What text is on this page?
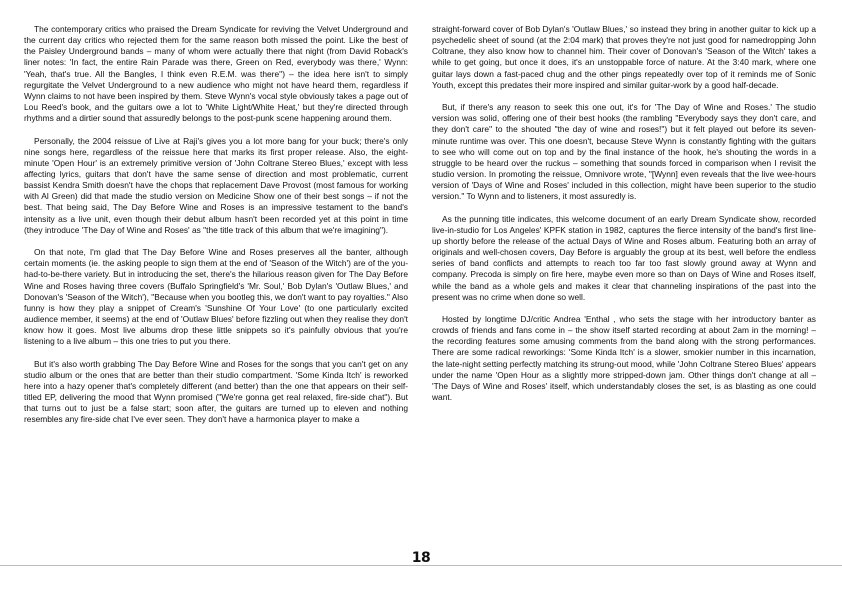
The contemporary critics who praised the Dream Syndicate for reviving the Velvet Underground and the current day critics who rejected them for the same reason both missed the point. Like the best of the Paisley Underground bands – many of whom were actually there that night (from David Roback's liner notes: 'In fact, the entire Rain Parade was there, Green on Red, everybody was there,' Wynn: 'Yeah, that's true. All the Bangles, I think even R.E.M. was there'') – the idea here isn't to simply regurgitate the Velvet Underground to a new audience who might not have heard them, regardless if Wynn claims to not have been inspired by them. Steve Wynn's vocal style obviously takes a page out of Lou Reed's book, and the guitars owe a lot to 'White Light/White Heat,' but they're directed through rhythms and a dirtier sound that assuredly belongs to the post-punk scene happening around them.

Personally, the 2004 reissue of Live at Raji's gives you a lot more bang for your buck; there's only nine songs here, regardless of the reissue here that marks its first proper release. Also, the eight-minute 'Open Hour' is an extremely primitive version of 'John Coltrane Stereo Blues,' except with less affecting lyrics, guitars that don't have the same sense of direction and most problematic, current bassist Kendra Smith doesn't have the chops that replacement Dave Provost (most famous for working with Al Green) did that made the studio version on Medicine Show one of their best songs – if not the best. That being said, The Day Before Wine and Roses is an impressive testament to the band's intensity as a live unit, even though their debut album hasn't been recorded yet at this point in time (they introduce 'The Day of Wine and Roses' as "the title track of this album that we're imagining").

On that note, I'm glad that The Day Before Wine and Roses preserves all the banter, although certain moments (ie. the asking people to sign them at the end of 'Season of the Witch') are of the you-had-to-be-there variety. But in introducing the set, there's the hilarious reason given for The Day Before Wine and Roses having three covers (Buffalo Springfield's 'Mr. Soul,' Bob Dylan's 'Outlaw Blues,' and Donovan's 'Season of the Witch'), "Because when you bootleg this, we don't want to pay royalties." Also funny is how they play a snippet of Cream's 'Sunshine Of Your Love' (to one particularly excited audience member, it seems) at the end of 'Outlaw Blues' before fizzling out when they realise they don't know how it goes. Most live albums drop these little snippets so it's painfully obvious that you're listening to a live album – this one tries to put you there.

But it's also worth grabbing The Day Before Wine and Roses for the songs that you can't get on any studio album or the ones that are better than their studio compartment. 'Some Kinda Itch' is reworked here into a hazy opener that's completely different (and better) than the one that appears on their self-titled EP, delivering the mood that Wynn promised ("We're gonna get real relaxed, fire-side chat"). But that turns out to just be a false start; soon after, the guitars are turned up to eleven and nothing resembles any fire-side chat I've ever seen. They don't have a harmonica player to make a

straight-forward cover of Bob Dylan's 'Outlaw Blues,' so instead they bring in another guitar to kick up a psychedelic sheet of sound (at the 2:04 mark) that proves they're not just good for namedropping John Coltrane, they also know how to channel him. Their cover of Donovan's 'Season of the Witch' takes a while to get going, but once it does, it's an unstoppable force of nature. At the 3:40 mark, where one guitar lays down a fast-paced chug and the other pings repeatedly over top of it reminds me of Sonic Youth, except this predates their more inspired and similar guitar-work by a good half-decade.

But, if there's any reason to seek this one out, it's for 'The Day of Wine and Roses.' The studio version was solid, offering one of their best hooks (the rambling "Everybody says they don't care, and they don't care" to the shouted "the day of wine and roses!") but it felt played out before its seven-minute runtime was over. This one doesn't, because Steve Wynn is constantly fighting with the guitars to see who will come out on top and by the final instance of the hook, he's shouting the words in a struggle to be heard over the ruckus – something that sounds forced in comparison when I revisit the studio version. In promoting the reissue, Omnivore wrote, "[Wynn] even reveals that the live wee-hours version of 'Days of Wine and Roses' included in this collection, might have been superior to the studio version." To Wynn and to listeners, it most assuredly is.

As the punning title indicates, this welcome document of an early Dream Syndicate show, recorded live-in-studio for Los Angeles' KPFK station in 1982, captures the fierce intensity of the band's first line-up shortly before the release of the actual Days of Wine and Roses album. Featuring both an array of originals and well-chosen covers, Day Before is arguably the group at its best, well before the endless series of band conflicts and attempts to reach too far too fast slowly ground away at Wynn and company. Precoda is simply on fire here, maybe even more so than on Days of Wine and Roses itself, while the band as a whole gels and makes it clear that channeling inspirations of the past into the present was no crime when done so well.

Hosted by longtime DJ/critic Andrea 'Enthal , who sets the stage with her introductory banter as crowds of friends and fans come in – the show itself started recording at about 2am in the morning! – the recording features some amusing comments from the band along with the strong performances. There are some radical reworkings: 'Some Kinda Itch' is a slower, smokier number in this incarnation, the late-night setting perfectly matching its strung-out mood, while 'John Coltrane Stereo Blues' appears under the name 'Open Hour as a slightly more stripped-down jam. Other things don't change at all – 'The Days of Wine and Roses' itself, which understandably closes the set, is as blasting as one could want.

18
